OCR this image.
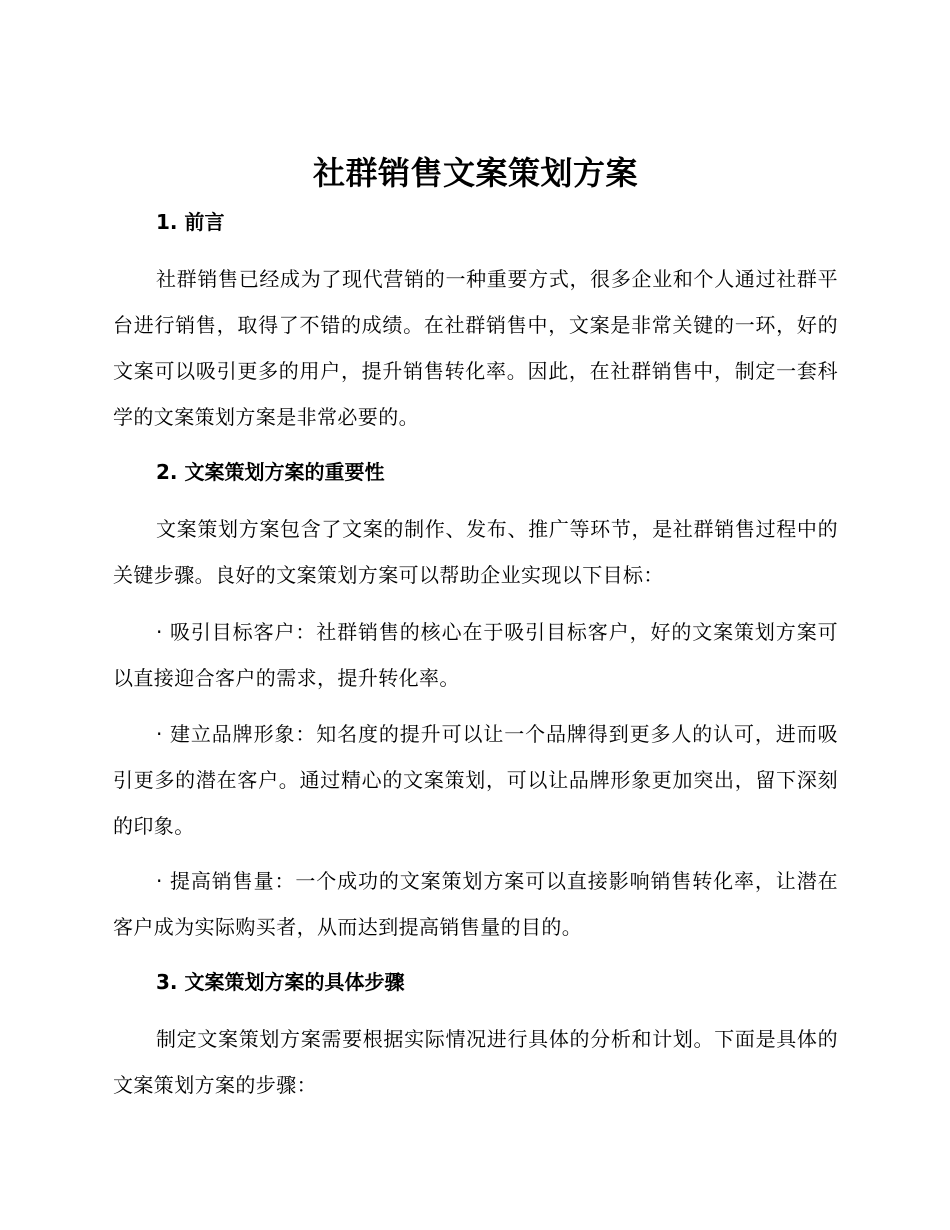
社群销售文案策划方案
1. 前言
社群销售已经成为了现代营销的一种重要方式，很多企业和个人通过社群平台进行销售，取得了不错的成绩。在社群销售中，文案是非常关键的一环，好的文案可以吸引更多的用户，提升销售转化率。因此，在社群销售中，制定一套科学的文案策划方案是非常必要的。
2. 文案策划方案的重要性
文案策划方案包含了文案的制作、发布、推广等环节，是社群销售过程中的关键步骤。良好的文案策划方案可以帮助企业实现以下目标：
· 吸引目标客户：社群销售的核心在于吸引目标客户，好的文案策划方案可以直接迎合客户的需求，提升转化率。
· 建立品牌形象：知名度的提升可以让一个品牌得到更多人的认可，进而吸引更多的潜在客户。通过精心的文案策划，可以让品牌形象更加突出，留下深刻的印象。
· 提高销售量：一个成功的文案策划方案可以直接影响销售转化率，让潜在客户成为实际购买者，从而达到提高销售量的目的。
3. 文案策划方案的具体步骤
制定文案策划方案需要根据实际情况进行具体的分析和计划。下面是具体的文案策划方案的步骤：
